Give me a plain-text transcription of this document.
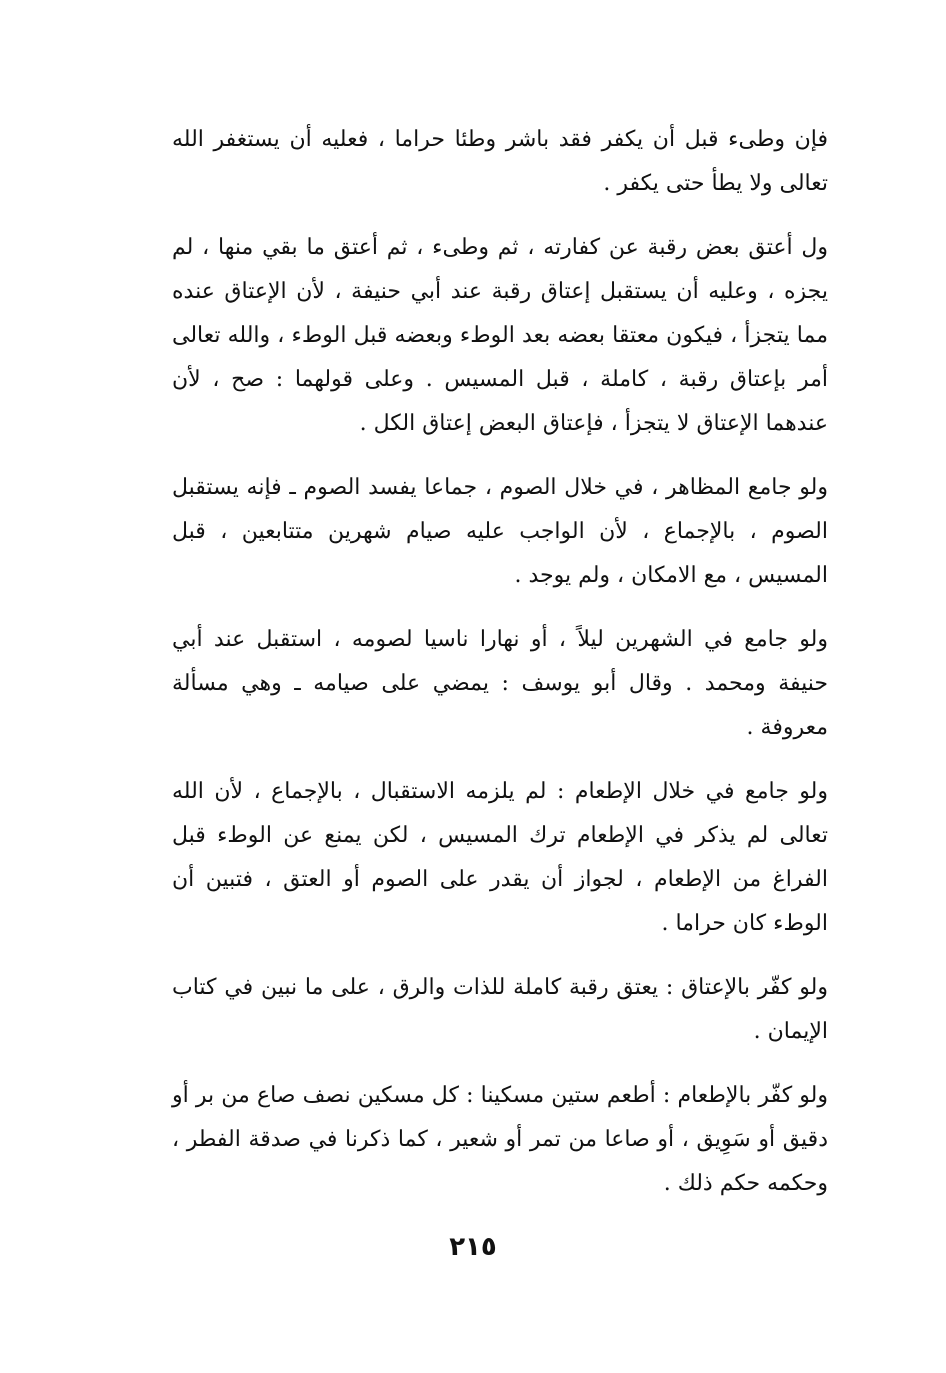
فإن وطىء قبل أن يكفر فقد باشر وطئا حراما ، فعليه أن يستغفر الله تعالى ولا يطأ حتى يكفر .

ول أعتق بعض رقبة عن كفارته ، ثم وطىء ، ثم أعتق ما بقي منها ، لم يجزه ، وعليه أن يستقبل إعتاق رقبة عند أبي حنيفة ، لأن الإعتاق عنده مما يتجزأ ، فيكون معتقا بعضه بعد الوطء وبعضه قبل الوطء ، والله تعالى أمر بإعتاق رقبة ، كاملة ، قبل المسيس . وعلى قولهما : صح ، لأن عندهما الإعتاق لا يتجزأ ، فإعتاق البعض إعتاق الكل .

ولو جامع المظاهر ، في خلال الصوم ، جماعا يفسد الصوم ـ فإنه يستقبل الصوم ، بالإجماع ، لأن الواجب عليه صيام شهرين متتابعين ، قبل المسيس ، مع الامكان ، ولم يوجد .

ولو جامع في الشهرين ليلاً ، أو نهارا ناسيا لصومه ، استقبل عند أبي حنيفة ومحمد . وقال أبو يوسف : يمضي على صيامه ـ وهي مسألة معروفة .

ولو جامع في خلال الإطعام : لم يلزمه الاستقبال ، بالإجماع ، لأن الله تعالى لم يذكر في الإطعام ترك المسيس ، لكن يمنع عن الوطء قبل الفراغ من الإطعام ، لجواز أن يقدر على الصوم أو العتق ، فتبين أن الوطء كان حراما .

ولو كفّر بالإعتاق : يعتق رقبة كاملة للذات والرق ، على ما نبين في كتاب الإيمان .

ولو كفّر بالإطعام : أطعم ستين مسكينا : كل مسكين نصف صاع من بر أو دقيق أو سَوِيق ، أو صاعا من تمر أو شعير ، كما ذكرنا في صدقة الفطر ، وحكمه حكم ذلك .

٢١٥
